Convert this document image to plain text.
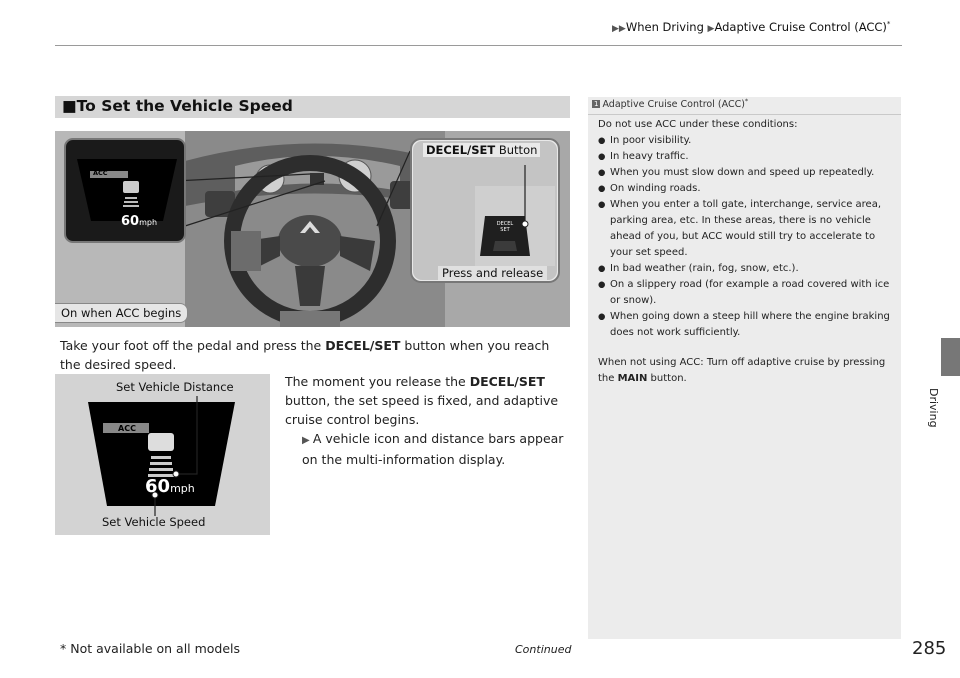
▶▶When Driving ▶Adaptive Cruise Control (ACC)*
Driving
■To Set the Vehicle Speed
ACC
60mph	DECEL
SET
DECEL/SET Button
Press and release
On when ACC begins
1 Adaptive Cruise Control (ACC)*
Do not use ACC under these conditions:
● In poor visibility.
● In heavy traffic.
● When you must slow down and speed up repeatedly.
● On winding roads.
● When you enter a toll gate, interchange, service area, parking area, etc. In these areas, there is no vehicle ahead of you, but ACC would still try to accelerate to your set speed.
● In bad weather (rain, fog, snow, etc.).
● On a slippery road (for example a road covered with ice or snow).
● When going down a steep hill where the engine braking does not work sufficiently.
When not using ACC: Turn off adaptive cruise by pressing the MAIN button.
Take your foot off the pedal and press the DECEL/SET button when you reach the desired speed.
ACC
60mph
Set Vehicle Distance
Set Vehicle Speed
The moment you release the DECEL/SET button, the set speed is fixed, and adaptive cruise control begins.
▶ A vehicle icon and distance bars appear on the multi-information display.
* Not available on all models	Continued	285
